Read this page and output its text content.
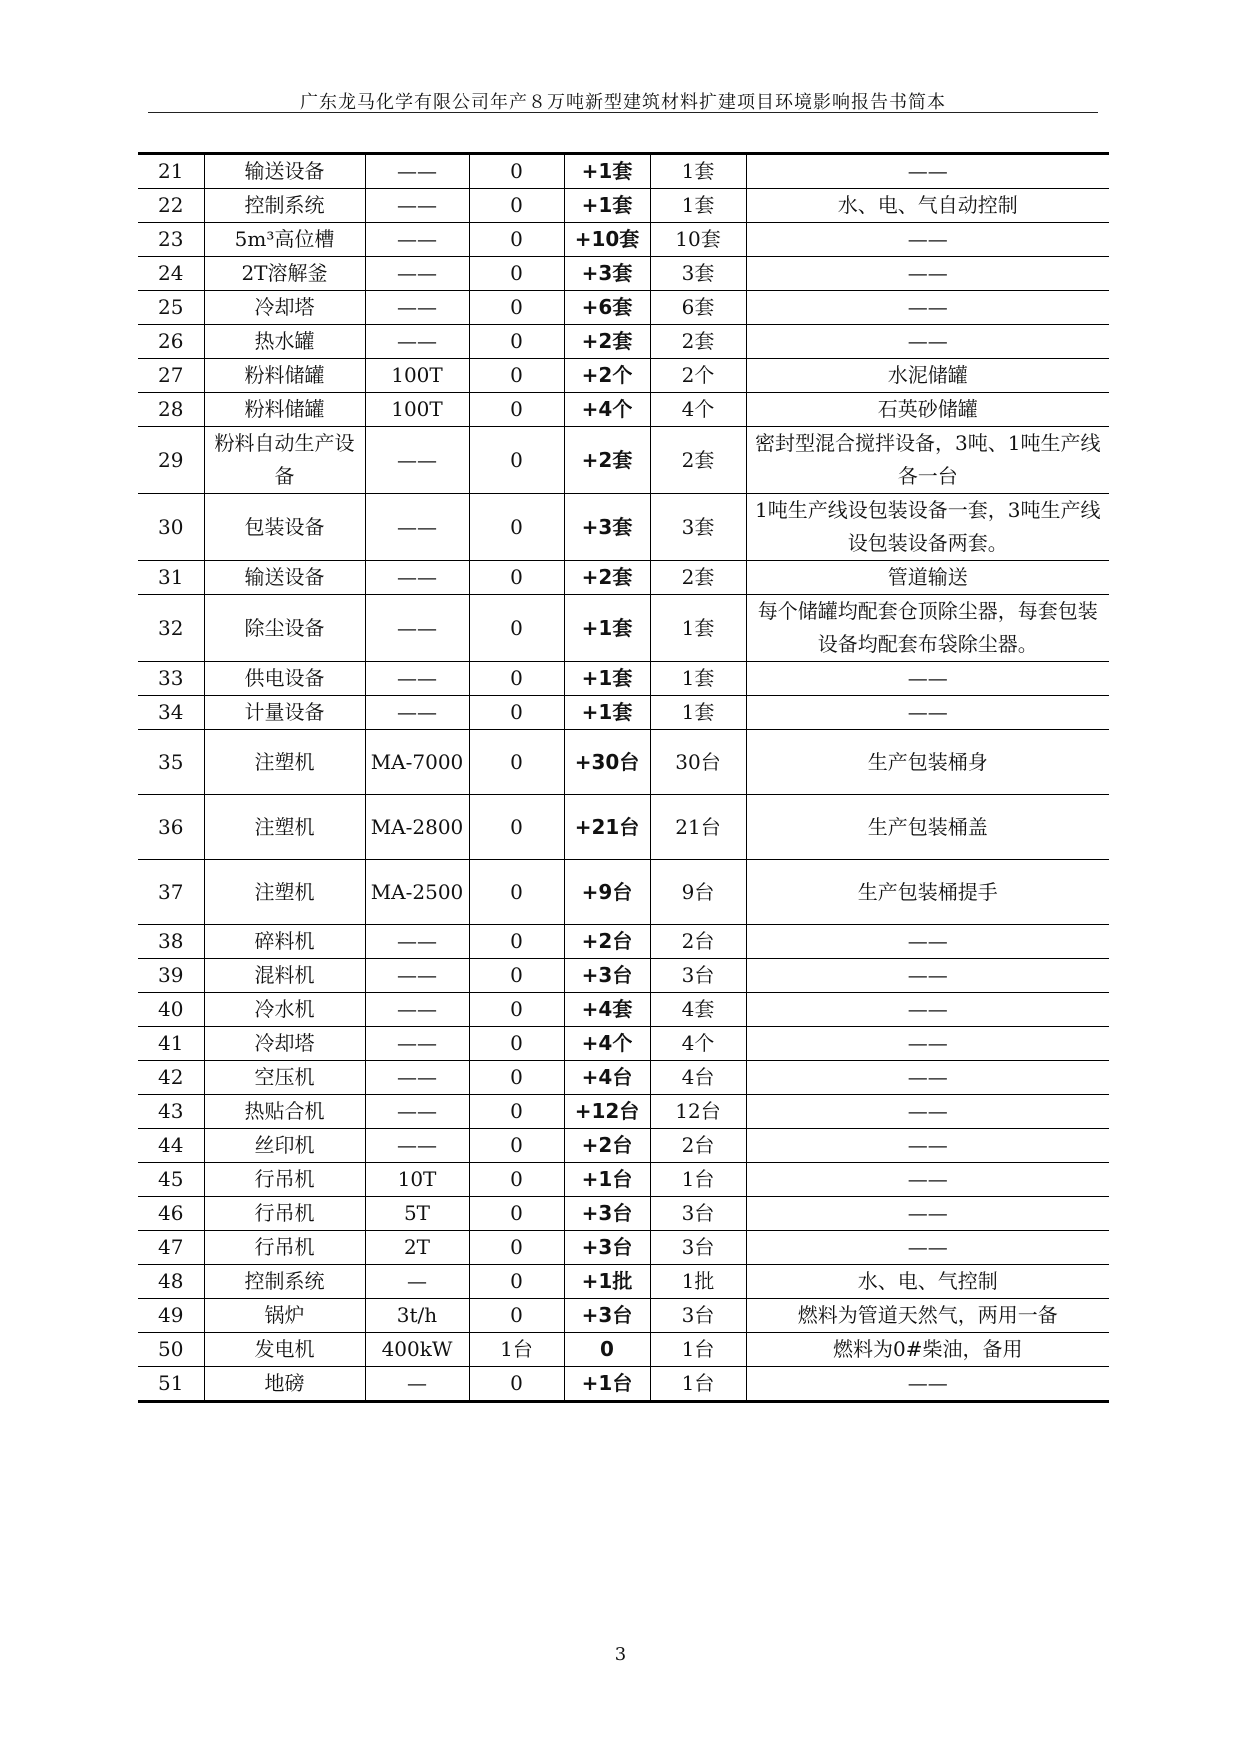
广东龙马化学有限公司年产８万吨新型建筑材料扩建项目环境影响报告书简本
21	输送设备	——	0	+1套	1套	——
22	控制系统	——	0	+1套	1套	水、电、气自动控制
23	5m³高位槽	——	0	+10套	10套	——
24	2T溶解釜	——	0	+3套	3套	——
25	冷却塔	——	0	+6套	6套	——
26	热水罐	——	0	+2套	2套	——
27	粉料储罐	100T	0	+2个	2个	水泥储罐
28	粉料储罐	100T	0	+4个	4个	石英砂储罐
29	粉料自动生产设备	——	0	+2套	2套	密封型混合搅拌设备，3吨、1吨生产线各一台
30	包装设备	——	0	+3套	3套	1吨生产线设包装设备一套，3吨生产线设包装设备两套。
31	输送设备	——	0	+2套	2套	管道输送
32	除尘设备	——	0	+1套	1套	每个储罐均配套仓顶除尘器，每套包装设备均配套布袋除尘器。
33	供电设备	——	0	+1套	1套	——
34	计量设备	——	0	+1套	1套	——
35	注塑机	MA-7000	0	+30台	30台	生产包装桶身
36	注塑机	MA-2800	0	+21台	21台	生产包装桶盖
37	注塑机	MA-2500	0	+9台	9台	生产包装桶提手
38	碎料机	——	0	+2台	2台	——
39	混料机	——	0	+3台	3台	——
40	冷水机	——	0	+4套	4套	——
41	冷却塔	——	0	+4个	4个	——
42	空压机	——	0	+4台	4台	——
43	热贴合机	——	0	+12台	12台	——
44	丝印机	——	0	+2台	2台	——
45	行吊机	10T	0	+1台	1台	——
46	行吊机	5T	0	+3台	3台	——
47	行吊机	2T	0	+3台	3台	——
48	控制系统	—	0	+1批	1批	水、电、气控制
49	锅炉	3t/h	0	+3台	3台	燃料为管道天然气，两用一备
50	发电机	400kW	1台	0	1台	燃料为0#柴油，备用
51	地磅	—	0	+1台	1台	——
3
